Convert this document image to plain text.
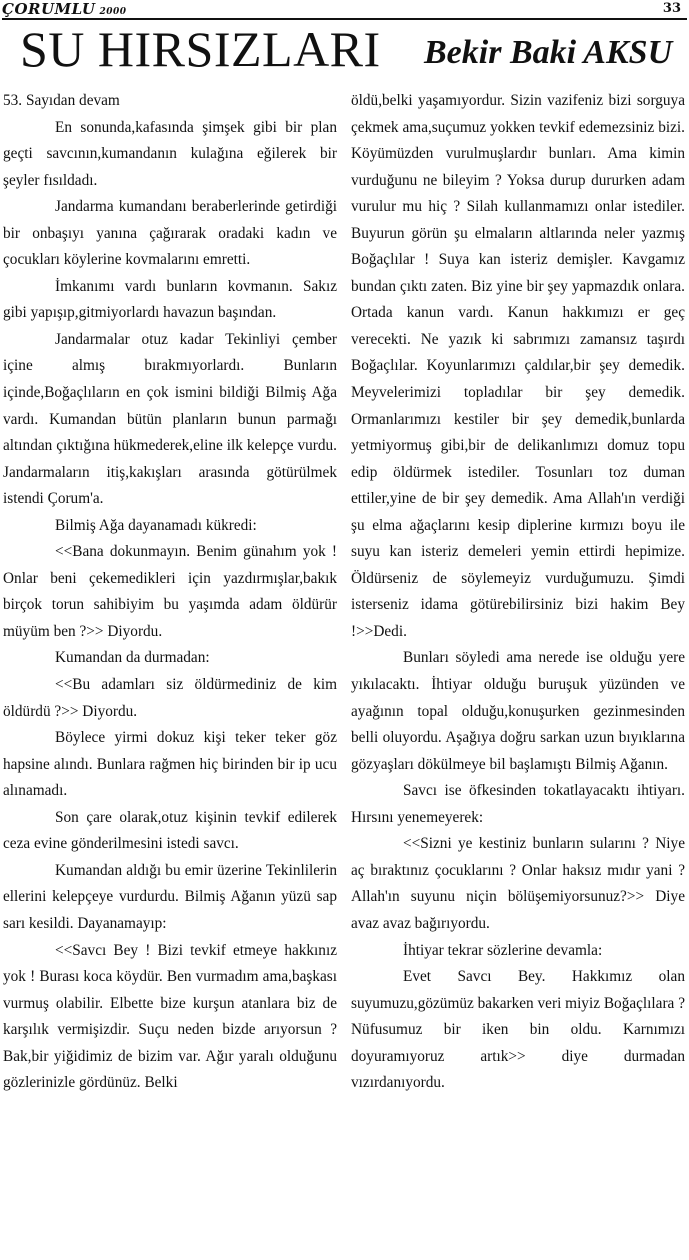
ÇORUMLU 2000	33
SU HIRSIZLARI Bekir Baki AKSU

53. Sayıdan devam

En sonunda,kafasında şimşek gibi bir plan geçti savcının,kumandanın kulağına eğilerek bir şeyler fısıldadı.

Jandarma kumandanı beraberlerinde getirdiği bir onbaşıyı yanına çağırarak oradaki kadın ve çocukları köylerine kovmalarını emretti.

İmkanımı vardı bunların kovmanın. Sakız gibi yapışıp,gitmiyorlardı havazun başından.

Jandarmalar otuz kadar Tekinliyi çember içine almış bırakmıyorlardı. Bunların içinde,Boğaçlıların en çok ismini bildiği Bilmiş Ağa vardı. Kumandan bütün planların bunun parmağı altından çıktığına hükmederek,eline ilk kelepçe vurdu. Jandarmaların itiş,kakışları arasında götürülmek istendi Çorum'a.

Bilmiş Ağa dayanamadı kükredi:

<<Bana dokunmayın. Benim günahım yok ! Onlar beni çekemedikleri için yazdırmışlar,bakık birçok torun sahibiyim bu yaşımda adam öldürür müyüm ben ?>> Diyordu.

Kumandan da durmadan:

<<Bu adamları siz öldürmediniz de kim öldürdü ?>> Diyordu.

Böylece yirmi dokuz kişi teker teker göz hapsine alındı. Bunlara rağmen hiç birinden bir ip ucu alınamadı.

Son çare olarak,otuz kişinin tevkif edilerek ceza evine gönderilmesini istedi savcı.

Kumandan aldığı bu emir üzerine Tekinlilerin ellerini kelepçeye vurdurdu. Bilmiş Ağanın yüzü sap sarı kesildi. Dayanamayıp:

<<Savcı Bey ! Bizi tevkif etmeye hakkınız yok ! Burası koca köydür. Ben vurmadım ama,başkası vurmuş olabilir. Elbette bize kurşun atanlara biz de karşılık vermişizdir. Suçu neden bizde arıyorsun ? Bak,bir yiğidimiz de bizim var. Ağır yaralı olduğunu gözlerinizle gördünüz. Belki

öldü,belki yaşamıyordur. Sizin vazifeniz bizi sorguya çekmek ama,suçumuz yokken tevkif edemezsiniz bizi. Köyümüzden vurulmuşlardır bunları. Ama kimin vurduğunu ne bileyim ? Yoksa durup dururken adam vurulur mu hiç ? Silah kullanmamızı onlar istediler. Buyurun görün şu elmaların altlarında neler yazmış Boğaçlılar ! Suya kan isteriz demişler. Kavgamız bundan çıktı zaten. Biz yine bir şey yapmazdık onlara. Ortada kanun vardı. Kanun hakkımızı er geç verecekti. Ne yazık ki sabrımızı zamansız taşırdı Boğaçlılar. Koyunlarımızı çaldılar,bir şey demedik. Meyvelerimizi topladılar bir şey demedik. Ormanlarımızı kestiler bir şey demedik,bunlarda yetmiyormuş gibi,bir de delikanlımızı domuz topu edip öldürmek istediler. Tosunları toz duman ettiler,yine de bir şey demedik. Ama Allah'ın verdiği şu elma ağaçlarını kesip diplerine kırmızı boyu ile suyu kan isteriz demeleri yemin ettirdi hepimize. Öldürseniz de söylemeyiz vurduğumuzu. Şimdi isterseniz idama götürebilirsiniz bizi hakim Bey !>>Dedi.

Bunları söyledi ama nerede ise olduğu yere yıkılacaktı. İhtiyar olduğu buruşuk yüzünden ve ayağının topal olduğu,konuşurken gezinmesinden belli oluyordu. Aşağıya doğru sarkan uzun bıyıklarına gözyaşları dökülmeye bil başlamıştı Bilmiş Ağanın.

Savcı ise öfkesinden tokatlayacaktı ihtiyarı. Hırsını yenemeyerek:

<<Sizni ye kestiniz bunların sularını ? Niye aç bıraktınız çocuklarını ? Onlar haksız mıdır yani ? Allah'ın suyunu niçin bölüşemiyorsunuz?>> Diye avaz avaz bağırıyordu.

İhtiyar tekrar sözlerine devamla:

Evet Savcı Bey. Hakkımız olan suyumuzu,gözümüz bakarken veri miyiz Boğaçlılara ? Nüfusumuz bir iken bin oldu. Karnımızı doyuramıyoruz artık>> diye durmadan vızırdanıyordu.
